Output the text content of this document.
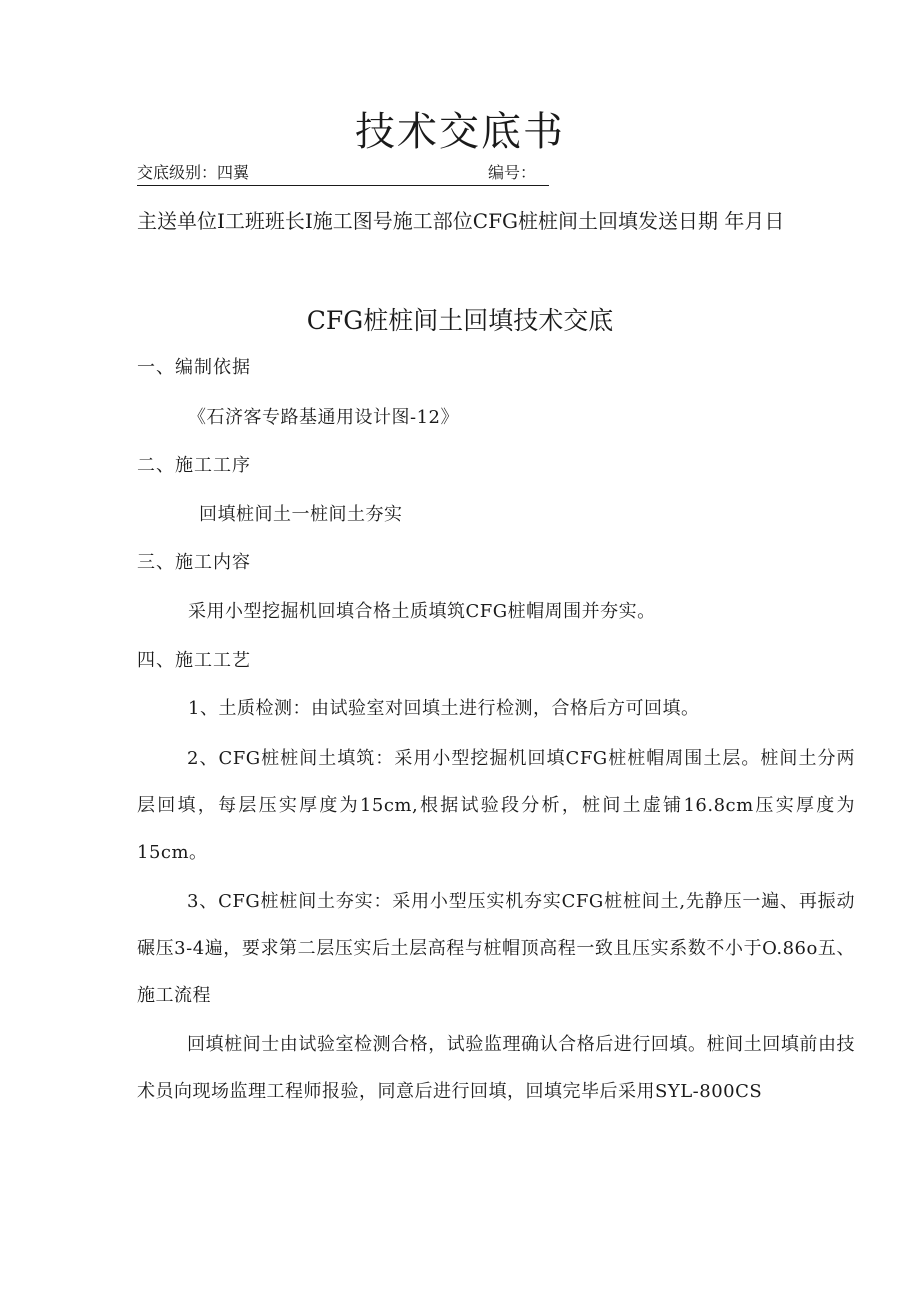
技术交底书
交底级别：四翼	编号：
主送单位I工班班长I施工图号施工部位CFG桩桩间土回填发送日期 年月日
CFG桩桩间土回填技术交底
一、编制依据
《石济客专路基通用设计图-12》
二、施工工序
回填桩间土一桩间土夯实
三、施工内容
采用小型挖掘机回填合格土质填筑CFG桩帽周围并夯实。
四、施工工艺
1、土质检测：由试验室对回填土进行检测，合格后方可回填。
2、CFG桩桩间土填筑：采用小型挖掘机回填CFG桩桩帽周围土层。桩间土分两层回填，每层压实厚度为15cm,根据试验段分析，桩间土虚铺16.8cm压实厚度为15cm。
3、CFG桩桩间土夯实：采用小型压实机夯实CFG桩桩间土,先静压一遍、再振动碾压3-4遍，要求第二层压实后土层高程与桩帽顶高程一致且压实系数不小于O.86o五、施工流程
回填桩间士由试验室检测合格，试验监理确认合格后进行回填。桩间土回填前由技术员向现场监理工程师报验，同意后进行回填，回填完毕后采用SYL-800CS
